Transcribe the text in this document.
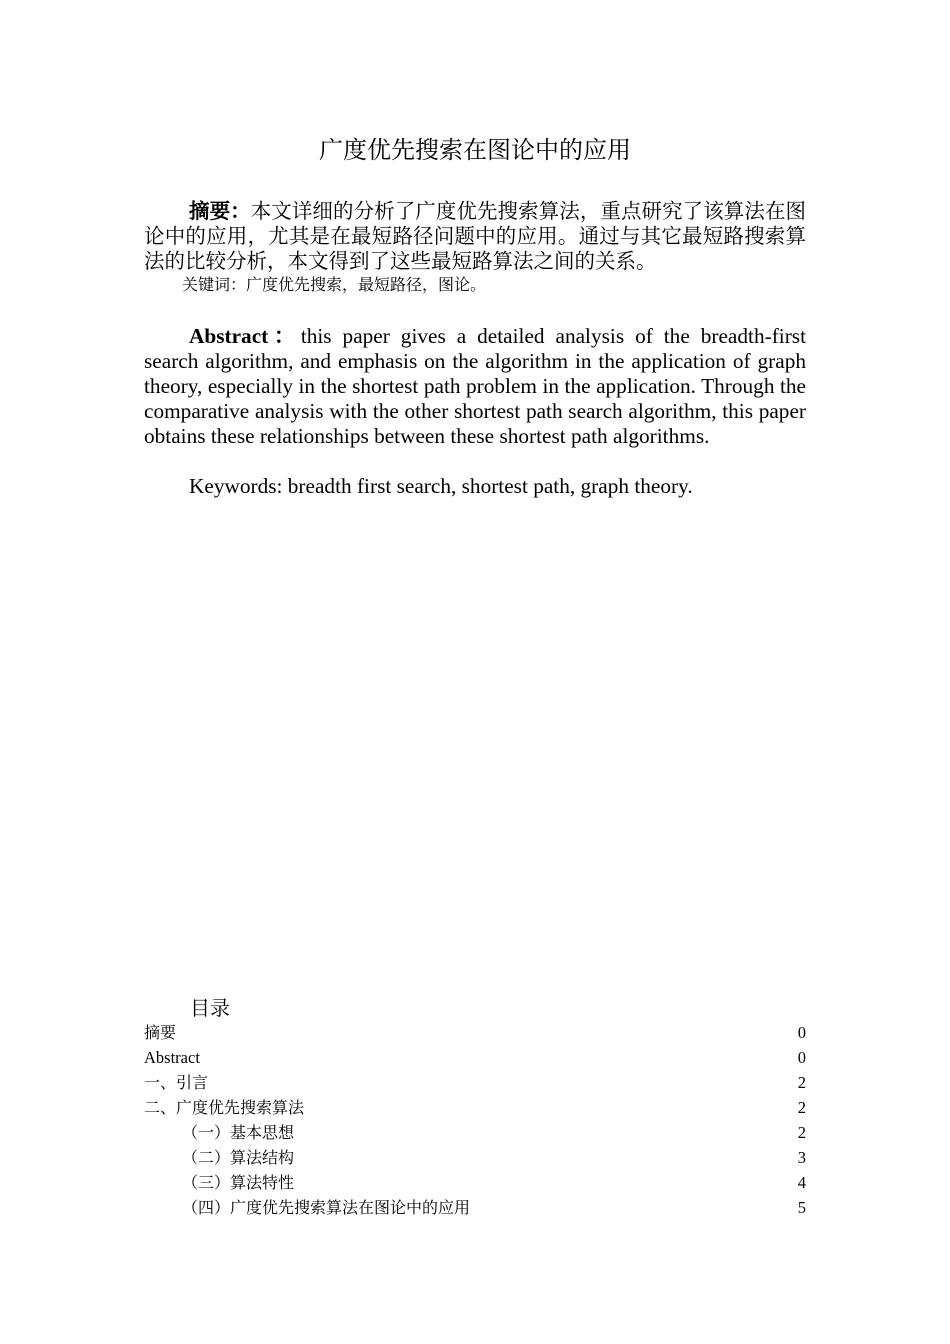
广度优先搜索在图论中的应用

摘要：本文详细的分析了广度优先搜索算法，重点研究了该算法在图论中的应用，尤其是在最短路径问题中的应用。通过与其它最短路搜索算法的比较分析，本文得到了这些最短路算法之间的关系。

关键词：广度优先搜索，最短路径，图论。

Abstract：this paper gives a detailed analysis of the breadth-first search algorithm, and emphasis on the algorithm in the application of graph theory, especially in the shortest path problem in the application. Through the comparative analysis with the other shortest path search algorithm, this paper obtains these relationships between these shortest path algorithms.

Keywords: breadth first search, shortest path, graph theory.

目录

摘要	0
Abstract	0
一、引言	2
二、广度优先搜索算法	2
（一）基本思想	2
（二）算法结构	3
（三）算法特性	4
（四）广度优先搜索算法在图论中的应用	5
